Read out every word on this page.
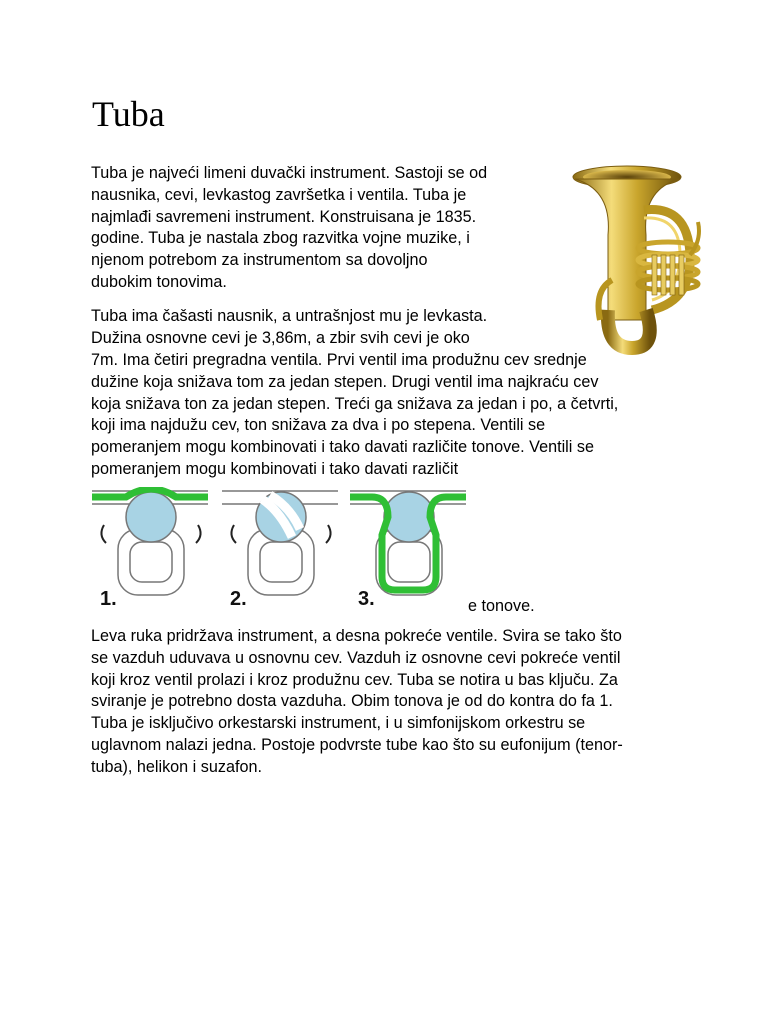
Tuba

Tuba je najveći limeni duvački instrument. Sastoji se od
nausnika, cevi, levkastog završetka i ventila. Tuba je
najmlađi savremeni instrument. Konstruisana je 1835.
godine. Tuba je nastala zbog razvitka vojne muzike, i
njenom potrebom za instrumentom sa dovoljno
dubokim tonovima.

Tuba ima čašasti nausnik, a untrašnjost mu je levkasta.
Dužina osnovne cevi je 3,86m, a zbir svih cevi je oko

7m. Ima četiri pregradna ventila. Prvi ventil ima produžnu cev srednje
dužine koja snižava tom za jedan stepen. Drugi ventil ima najkraću cev
koja snižava ton za jedan stepen. Treći ga snižava za jedan i po, a četvrti,
koji ima najdužu cev, ton snižava za dva i po stepena. Ventili se
pomeranjem mogu kombinovati i tako davati različite tonove. Ventili se
pomeranjem mogu kombinovati i tako davati različit

1.	2.	3.	e tonove.

Leva ruka pridržava instrument, a desna pokreće ventile. Svira se tako što
se vazduh uduvava u osnovnu cev. Vazduh iz osnovne cevi pokreće ventil
koji kroz ventil prolazi i kroz produžnu cev. Tuba se notira u bas ključu. Za
sviranje je potrebno dosta vazduha. Obim tonova je od do kontra do fa 1.
Tuba je isključivo orkestarski instrument, i u simfonijskom orkestru se
uglavnom nalazi jedna. Postoje podvrste tube kao što su eufonijum (tenor-
tuba), helikon i suzafon.
